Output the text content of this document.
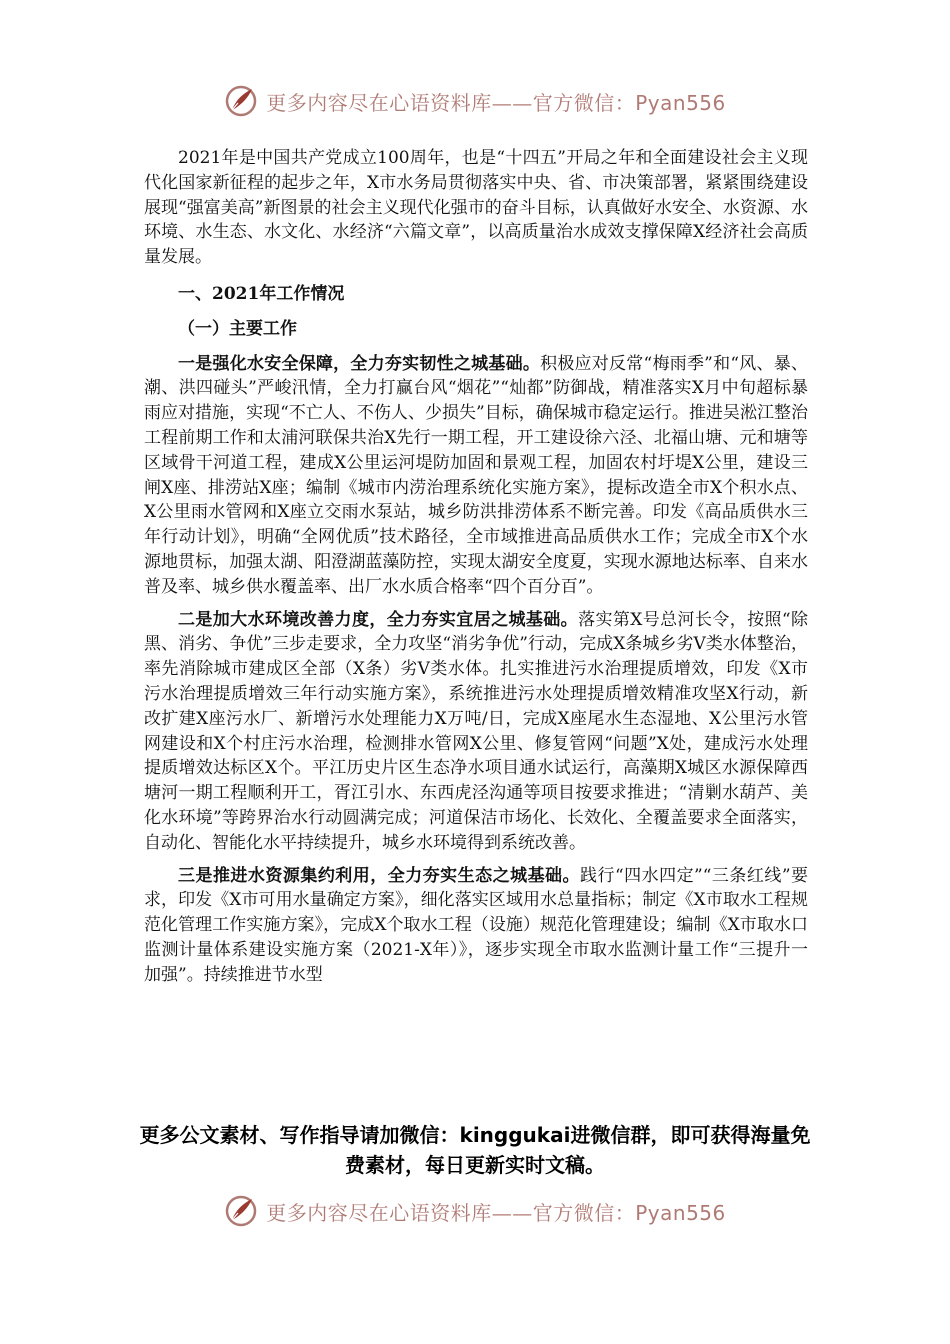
更多内容尽在心语资料库——官方微信：Pyan556

2021年是中国共产党成立100周年，也是“十四五”开局之年和全面建设社会主义现代化国家新征程的起步之年，X市水务局贯彻落实中央、省、市决策部署，紧紧围绕建设展现“强富美高”新图景的社会主义现代化强市的奋斗目标，认真做好水安全、水资源、水环境、水生态、水文化、水经济“六篇文章”，以高质量治水成效支撑保障X经济社会高质量发展。

一、2021年工作情况
（一）主要工作

一是强化水安全保障，全力夯实韧性之城基础。积极应对反常“梅雨季”和“风、暴、潮、洪四碰头”严峻汛情，全力打赢台风“烟花”“灿都”防御战，精准落实X月中旬超标暴雨应对措施，实现“不亡人、不伤人、少损失”目标，确保城市稳定运行。推进吴淞江整治工程前期工作和太浦河联保共治X先行一期工程，开工建设徐六泾、北福山塘、元和塘等区域骨干河道工程，建成X公里运河堤防加固和景观工程，加固农村圩堤X公里，建设三闸X座、排涝站X座；编制《城市内涝治理系统化实施方案》，提标改造全市X个积水点、X公里雨水管网和X座立交雨水泵站，城乡防洪排涝体系不断完善。印发《高品质供水三年行动计划》，明确“全网优质”技术路径，全市域推进高品质供水工作；完成全市X个水源地贯标，加强太湖、阳澄湖蓝藻防控，实现太湖安全度夏，实现水源地达标率、自来水普及率、城乡供水覆盖率、出厂水水质合格率“四个百分百”。

二是加大水环境改善力度，全力夯实宜居之城基础。落实第X号总河长令，按照“除黑、消劣、争优”三步走要求，全力攻坚“消劣争优”行动，完成X条城乡劣Ⅴ类水体整治，率先消除城市建成区全部（X条）劣Ⅴ类水体。扎实推进污水治理提质增效，印发《X市污水治理提质增效三年行动实施方案》，系统推进污水处理提质增效精准攻坚X行动，新改扩建X座污水厂、新增污水处理能力X万吨/日，完成X座尾水生态湿地、X公里污水管网建设和X个村庄污水治理，检测排水管网X公里、修复管网“问题”X处，建成污水处理提质增效达标区X个。平江历史片区生态净水项目通水试运行，高藻期X城区水源保障西塘河一期工程顺利开工，胥江引水、东西虎泾沟通等项目按要求推进；“清剿水葫芦、美化水环境”等跨界治水行动圆满完成；河道保洁市场化、长效化、全覆盖要求全面落实，自动化、智能化水平持续提升，城乡水环境得到系统改善。

三是推进水资源集约利用，全力夯实生态之城基础。践行“四水四定”“三条红线”要求，印发《X市可用水量确定方案》，细化落实区域用水总量指标；制定《X市取水工程规范化管理工作实施方案》，完成X个取水工程（设施）规范化管理建设；编制《X市取水口监测计量体系建设实施方案（2021-X年）》，逐步实现全市取水监测计量工作“三提升一加强”。持续推进节水型

更多公文素材、写作指导请加微信：kinggukai进微信群，即可获得海量免费素材，每日更新实时文稿。
更多内容尽在心语资料库——官方微信：Pyan556
